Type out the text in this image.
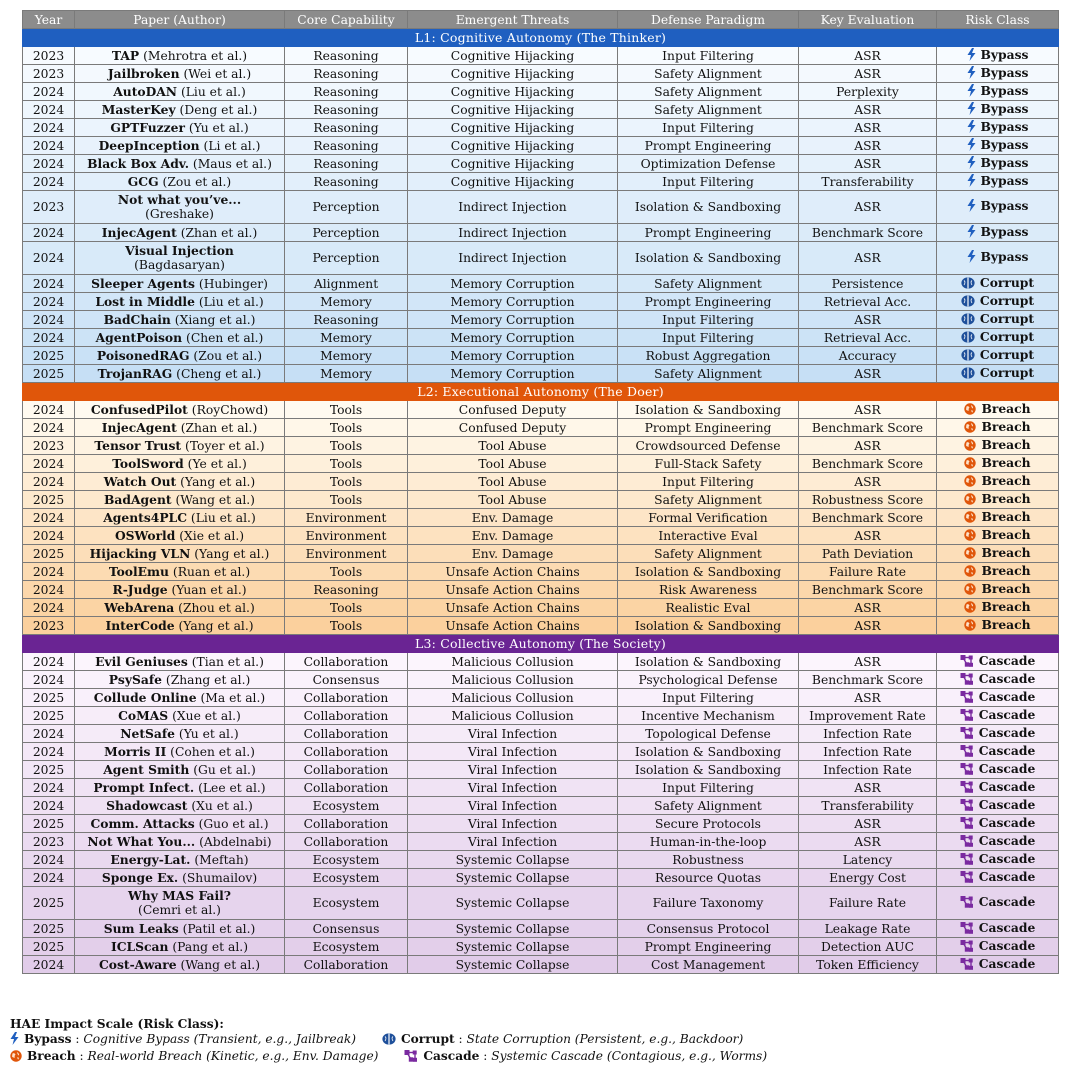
Year	Paper (Author)	Core Capability	Emergent Threats	Defense Paradigm	Key Evaluation	Risk Class
L1: Cognitive Autonomy (The Thinker)						
2023	TAP (Mehrotra et al.)	Reasoning	Cognitive Hijacking	Input Filtering	ASR	Bypass
2023	Jailbroken (Wei et al.)	Reasoning	Cognitive Hijacking	Safety Alignment	ASR	Bypass
2024	AutoDAN (Liu et al.)	Reasoning	Cognitive Hijacking	Safety Alignment	Perplexity	Bypass
2024	MasterKey (Deng et al.)	Reasoning	Cognitive Hijacking	Safety Alignment	ASR	Bypass
2024	GPTFuzzer (Yu et al.)	Reasoning	Cognitive Hijacking	Input Filtering	ASR	Bypass
2024	DeepInception (Li et al.)	Reasoning	Cognitive Hijacking	Prompt Engineering	ASR	Bypass
2024	Black Box Adv. (Maus et al.)	Reasoning	Cognitive Hijacking	Optimization Defense	ASR	Bypass
2024	GCG (Zou et al.)	Reasoning	Cognitive Hijacking	Input Filtering	Transferability	Bypass
2023	Not what you’ve...
(Greshake)	Perception	Indirect Injection	Isolation & Sandboxing	ASR	Bypass
2024	InjecAgent (Zhan et al.)	Perception	Indirect Injection	Prompt Engineering	Benchmark Score	Bypass
2024	Visual Injection
(Bagdasaryan)	Perception	Indirect Injection	Isolation & Sandboxing	ASR	Bypass
2024	Sleeper Agents (Hubinger)	Alignment	Memory Corruption	Safety Alignment	Persistence	Corrupt
2024	Lost in Middle (Liu et al.)	Memory	Memory Corruption	Prompt Engineering	Retrieval Acc.	Corrupt
2024	BadChain (Xiang et al.)	Reasoning	Memory Corruption	Input Filtering	ASR	Corrupt
2024	AgentPoison (Chen et al.)	Memory	Memory Corruption	Input Filtering	Retrieval Acc.	Corrupt
2025	PoisonedRAG (Zou et al.)	Memory	Memory Corruption	Robust Aggregation	Accuracy	Corrupt
2025	TrojanRAG (Cheng et al.)	Memory	Memory Corruption	Safety Alignment	ASR	Corrupt
L2: Executional Autonomy (The Doer)						
2024	ConfusedPilot (RoyChowd)	Tools	Confused Deputy	Isolation & Sandboxing	ASR	Breach
2024	InjecAgent (Zhan et al.)	Tools	Confused Deputy	Prompt Engineering	Benchmark Score	Breach
2023	Tensor Trust (Toyer et al.)	Tools	Tool Abuse	Crowdsourced Defense	ASR	Breach
2024	ToolSword (Ye et al.)	Tools	Tool Abuse	Full-Stack Safety	Benchmark Score	Breach
2024	Watch Out (Yang et al.)	Tools	Tool Abuse	Input Filtering	ASR	Breach
2025	BadAgent (Wang et al.)	Tools	Tool Abuse	Safety Alignment	Robustness Score	Breach
2024	Agents4PLC (Liu et al.)	Environment	Env. Damage	Formal Verification	Benchmark Score	Breach
2024	OSWorld (Xie et al.)	Environment	Env. Damage	Interactive Eval	ASR	Breach
2025	Hijacking VLN (Yang et al.)	Environment	Env. Damage	Safety Alignment	Path Deviation	Breach
2024	ToolEmu (Ruan et al.)	Tools	Unsafe Action Chains	Isolation & Sandboxing	Failure Rate	Breach
2024	R-Judge (Yuan et al.)	Reasoning	Unsafe Action Chains	Risk Awareness	Benchmark Score	Breach
2024	WebArena (Zhou et al.)	Tools	Unsafe Action Chains	Realistic Eval	ASR	Breach
2023	InterCode (Yang et al.)	Tools	Unsafe Action Chains	Isolation & Sandboxing	ASR	Breach
L3: Collective Autonomy (The Society)						
2024	Evil Geniuses (Tian et al.)	Collaboration	Malicious Collusion	Isolation & Sandboxing	ASR	Cascade
2024	PsySafe (Zhang et al.)	Consensus	Malicious Collusion	Psychological Defense	Benchmark Score	Cascade
2025	Collude Online (Ma et al.)	Collaboration	Malicious Collusion	Input Filtering	ASR	Cascade
2025	CoMAS (Xue et al.)	Collaboration	Malicious Collusion	Incentive Mechanism	Improvement Rate	Cascade
2024	NetSafe (Yu et al.)	Collaboration	Viral Infection	Topological Defense	Infection Rate	Cascade
2024	Morris II (Cohen et al.)	Collaboration	Viral Infection	Isolation & Sandboxing	Infection Rate	Cascade
2025	Agent Smith (Gu et al.)	Collaboration	Viral Infection	Isolation & Sandboxing	Infection Rate	Cascade
2024	Prompt Infect. (Lee et al.)	Collaboration	Viral Infection	Input Filtering	ASR	Cascade
2024	Shadowcast (Xu et al.)	Ecosystem	Viral Infection	Safety Alignment	Transferability	Cascade
2025	Comm. Attacks (Guo et al.)	Collaboration	Viral Infection	Secure Protocols	ASR	Cascade
2023	Not What You... (Abdelnabi)	Collaboration	Viral Infection	Human-in-the-loop	ASR	Cascade
2024	Energy-Lat. (Meftah)	Ecosystem	Systemic Collapse	Robustness	Latency	Cascade
2024	Sponge Ex. (Shumailov)	Ecosystem	Systemic Collapse	Resource Quotas	Energy Cost	Cascade
2025	Why MAS Fail?
(Cemri et al.)	Ecosystem	Systemic Collapse	Failure Taxonomy	Failure Rate	Cascade
2025	Sum Leaks (Patil et al.)	Consensus	Systemic Collapse	Consensus Protocol	Leakage Rate	Cascade
2025	ICLScan (Pang et al.)	Ecosystem	Systemic Collapse	Prompt Engineering	Detection AUC	Cascade
2024	Cost-Aware (Wang et al.)	Collaboration	Systemic Collapse	Cost Management	Token Efficiency	Cascade
HAE Impact Scale (Risk Class):
Bypass : Cognitive Bypass (Transient, e.g., Jailbreak)	Corrupt : State Corruption (Persistent, e.g., Backdoor)
Breach : Real-world Breach (Kinetic, e.g., Env. Damage)	Cascade : Systemic Cascade (Contagious, e.g., Worms)
